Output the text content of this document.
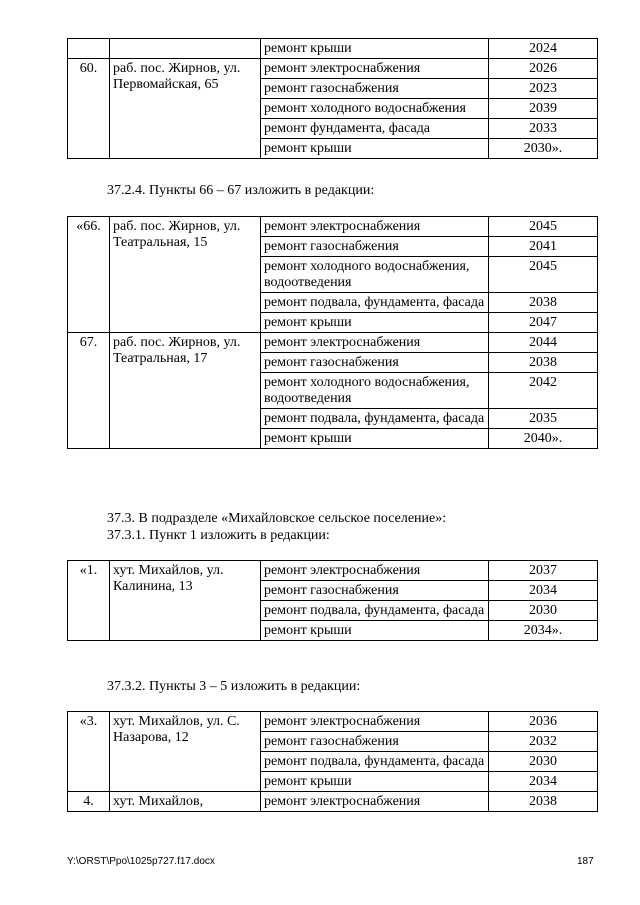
		ремонт крыши	2024
60.	раб. пос. Жирнов, ул. Первомайская, 65	ремонт электроснабжения	2026
		ремонт газоснабжения	2023
		ремонт холодного водоснабжения	2039
		ремонт фундамента, фасада	2033
		ремонт крыши	2030».

37.2.4. Пункты 66 – 67 изложить в редакции:

«66.	раб. пос. Жирнов, ул. Театральная, 15	ремонт электроснабжения	2045
		ремонт газоснабжения	2041
		ремонт холодного водоснабжения, водоотведения	2045
		ремонт подвала, фундамента, фасада	2038
		ремонт крыши	2047
67.	раб. пос. Жирнов, ул. Театральная, 17	ремонт электроснабжения	2044
		ремонт газоснабжения	2038
		ремонт холодного водоснабжения, водоотведения	2042
		ремонт подвала, фундамента, фасада	2035
		ремонт крыши	2040».

37.3. В подразделе «Михайловское сельское поселение»:

37.3.1. Пункт 1 изложить в редакции:

«1.	хут. Михайлов, ул. Калинина, 13	ремонт электроснабжения	2037
		ремонт газоснабжения	2034
		ремонт подвала, фундамента, фасада	2030
		ремонт крыши	2034».

37.3.2. Пункты 3 – 5 изложить в редакции:

«3.	хут. Михайлов, ул. С. Назарова, 12	ремонт электроснабжения	2036
		ремонт газоснабжения	2032
		ремонт подвала, фундамента, фасада	2030
		ремонт крыши	2034
4.	хут. Михайлов,	ремонт электроснабжения	2038
Y:\ORST\Ppo\1025p727.f17.docx	187
